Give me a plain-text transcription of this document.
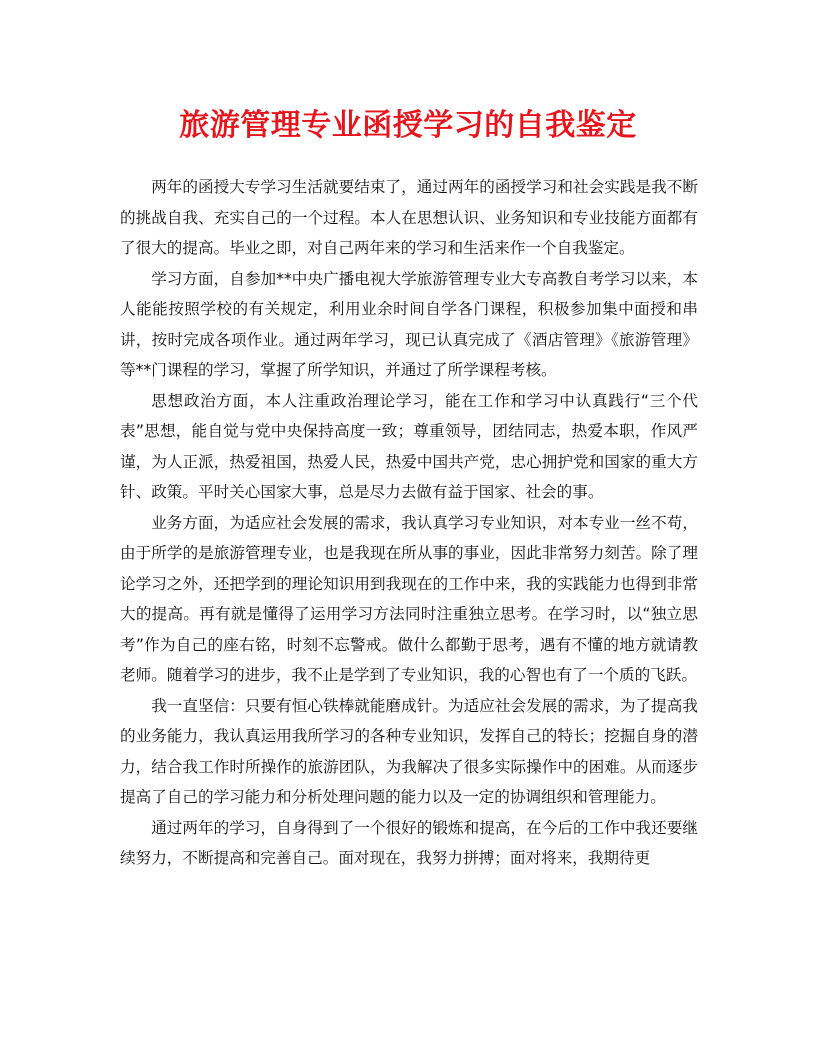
旅游管理专业函授学习的自我鉴定

两年的函授大专学习生活就要结束了，通过两年的函授学习和社会实践是我不断的挑战自我、充实自己的一个过程。本人在思想认识、业务知识和专业技能方面都有了很大的提高。毕业之即，对自己两年来的学习和生活来作一个自我鉴定。

学习方面，自参加**中央广播电视大学旅游管理专业大专高教自考学习以来，本人能能按照学校的有关规定，利用业余时间自学各门课程，积极参加集中面授和串讲，按时完成各项作业。通过两年学习，现已认真完成了《酒店管理》《旅游管理》等**门课程的学习，掌握了所学知识，并通过了所学课程考核。

思想政治方面，本人注重政治理论学习，能在工作和学习中认真践行“三个代表”思想，能自觉与党中央保持高度一致；尊重领导，团结同志，热爱本职，作风严谨，为人正派，热爱祖国，热爱人民，热爱中国共产党，忠心拥护党和国家的重大方针、政策。平时关心国家大事，总是尽力去做有益于国家、社会的事。

业务方面，为适应社会发展的需求，我认真学习专业知识，对本专业一丝不苟，由于所学的是旅游管理专业，也是我现在所从事的事业，因此非常努力刻苦。除了理论学习之外，还把学到的理论知识用到我现在的工作中来，我的实践能力也得到非常大的提高。再有就是懂得了运用学习方法同时注重独立思考。在学习时，以“独立思考”作为自己的座右铭，时刻不忘警戒。做什么都勤于思考，遇有不懂的地方就请教老师。随着学习的进步，我不止是学到了专业知识，我的心智也有了一个质的飞跃。

我一直坚信：只要有恒心铁棒就能磨成针。为适应社会发展的需求，为了提高我的业务能力，我认真运用我所学习的各种专业知识，发挥自己的特长；挖掘自身的潜力，结合我工作时所操作的旅游团队，为我解决了很多实际操作中的困难。从而逐步提高了自己的学习能力和分析处理问题的能力以及一定的协调组织和管理能力。

通过两年的学习，自身得到了一个很好的锻炼和提高，在今后的工作中我还要继续努力，不断提高和完善自己。面对现在，我努力拼搏；面对将来，我期待更
